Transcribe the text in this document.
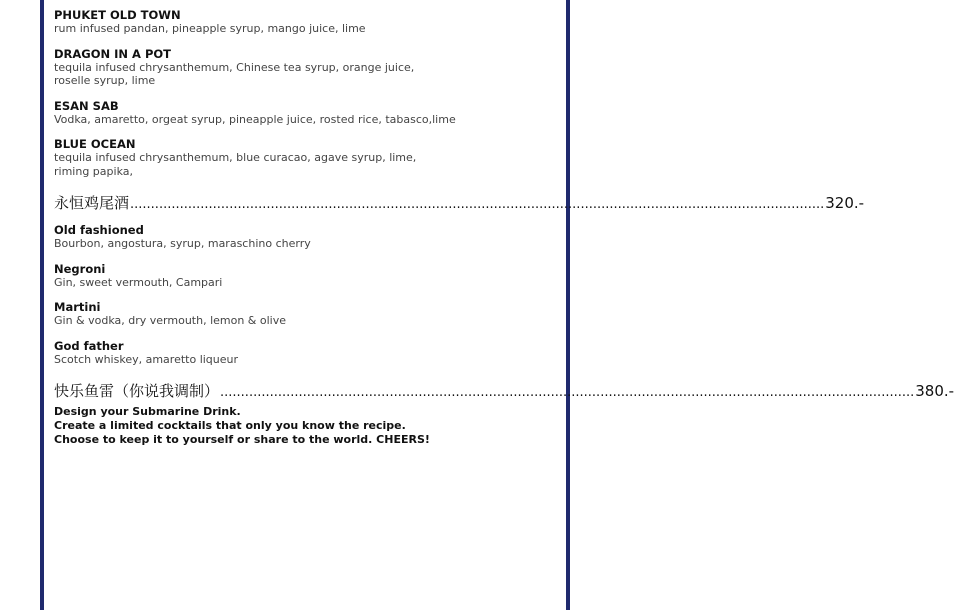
PHUKET OLD TOWN
rum infused pandan, pineapple syrup, mango juice, lime
DRAGON IN A POT
tequila infused chrysanthemum, Chinese tea syrup, orange juice,
roselle syrup, lime
ESAN SAB
Vodka, amaretto, orgeat syrup, pineapple juice, rosted rice, tabasco,lime
BLUE OCEAN
tequila infused chrysanthemum, blue curacao, agave syrup, lime,
riming papika,
永恒鸡尾酒 ........................................................................................................................................................................ 320.-
Old fashioned
Bourbon, angostura, syrup, maraschino cherry
Negroni
Gin, sweet vermouth, Campari
Martini
Gin & vodka, dry vermouth, lemon & olive
God father
Scotch whiskey, amaretto liqueur
快乐鱼雷（你说我调制） ........................................................................................................................................................................ 380.-
Design your Submarine Drink.
Create a limited cocktails that only you know the recipe.
Choose to keep it to yourself or share to the world. CHEERS!
